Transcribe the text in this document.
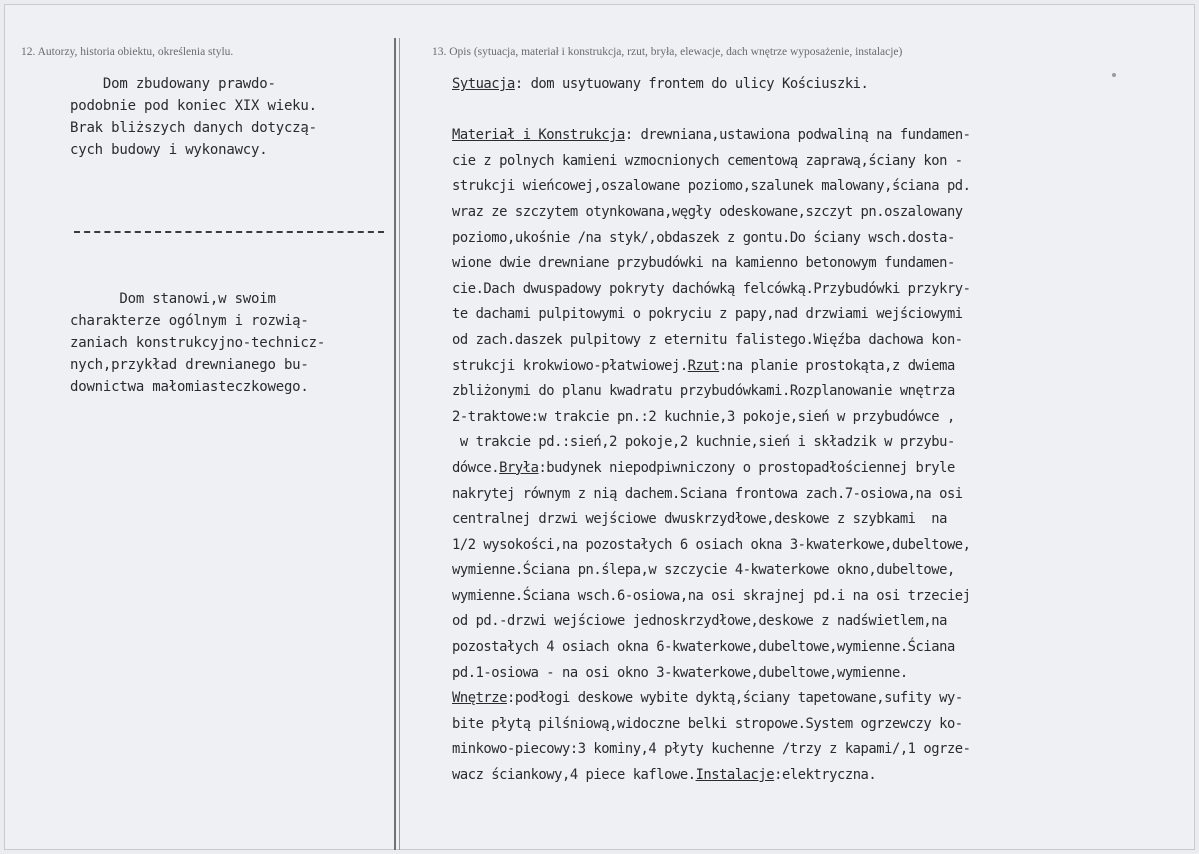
12. Autorzy, historia obiektu, określenia stylu.	13. Opis (sytuacja, materiał i konstrukcja, rzut, bryła, elewacje, dach wnętrze wyposażenie, instalacje)
Dom zbudowany prawdo-
podobnie pod koniec XIX wieku.
Brak bliższych danych dotyczą-
cych budowy i wykonawcy.
Dom stanowi,w swoim
charakterze ogólnym i rozwią-
zaniach konstrukcyjno-technicz-
nych,przykład drewnianego bu-
downictwa małomiasteczkowego.
Sytuacja: dom usytuowany frontem do ulicy Kościuszki.

Materiał i Konstrukcja: drewniana,ustawiona podwaliną na fundamen-
cie z polnych kamieni wzmocnionych cementową zaprawą,ściany kon -
strukcji wieńcowej,oszalowane poziomo,szalunek malowany,ściana pd.
wraz ze szczytem otynkowana,węgły odeskowane,szczyt pn.oszalowany
poziomo,ukośnie /na styk/,obdaszek z gontu.Do ściany wsch.dosta-
wione dwie drewniane przybudówki na kamienno betonowym fundamen-
cie.Dach dwuspadowy pokryty dachówką felcówką.Przybudówki przykry-
te dachami pulpitowymi o pokryciu z papy,nad drzwiami wejściowymi
od zach.daszek pulpitowy z eternitu falistego.Więźba dachowa kon-
strukcji krokwiowo-płatwiowej.Rzut:na planie prostokąta,z dwiema
zbliżonymi do planu kwadratu przybudówkami.Rozplanowanie wnętrza
2-traktowe:w trakcie pn.:2 kuchnie,3 pokoje,sień w przybudówce ,
w trakcie pd.:sień,2 pokoje,2 kuchnie,sień i składzik w przybu-
dówce.Bryła:budynek niepodpiwniczony o prostopadłościennej bryle
nakrytej równym z nią dachem.Sciana frontowa zach.7-osiowa,na osi
centralnej drzwi wejściowe dwuskrzydłowe,deskowe z szybkami  na
1/2 wysokości,na pozostałych 6 osiach okna 3-kwaterkowe,dubeltowe,
wymienne.Ściana pn.ślepa,w szczycie 4-kwaterkowe okno,dubeltowe,
wymienne.Ściana wsch.6-osiowa,na osi skrajnej pd.i na osi trzeciej
od pd.-drzwi wejściowe jednoskrzydłowe,deskowe z nadświetlem,na
pozostałych 4 osiach okna 6-kwaterkowe,dubeltowe,wymienne.Ściana
pd.1-osiowa - na osi okno 3-kwaterkowe,dubeltowe,wymienne.
Wnętrze:podłogi deskowe wybite dyktą,ściany tapetowane,sufity wy-
bite płytą pilśniową,widoczne belki stropowe.System ogrzewczy ko-
minkowo-piecowy:3 kominy,4 płyty kuchenne /trzy z kapami/,1 ogrze-
wacz ściankowy,4 piece kaflowe.Instalacje:elektryczna.
